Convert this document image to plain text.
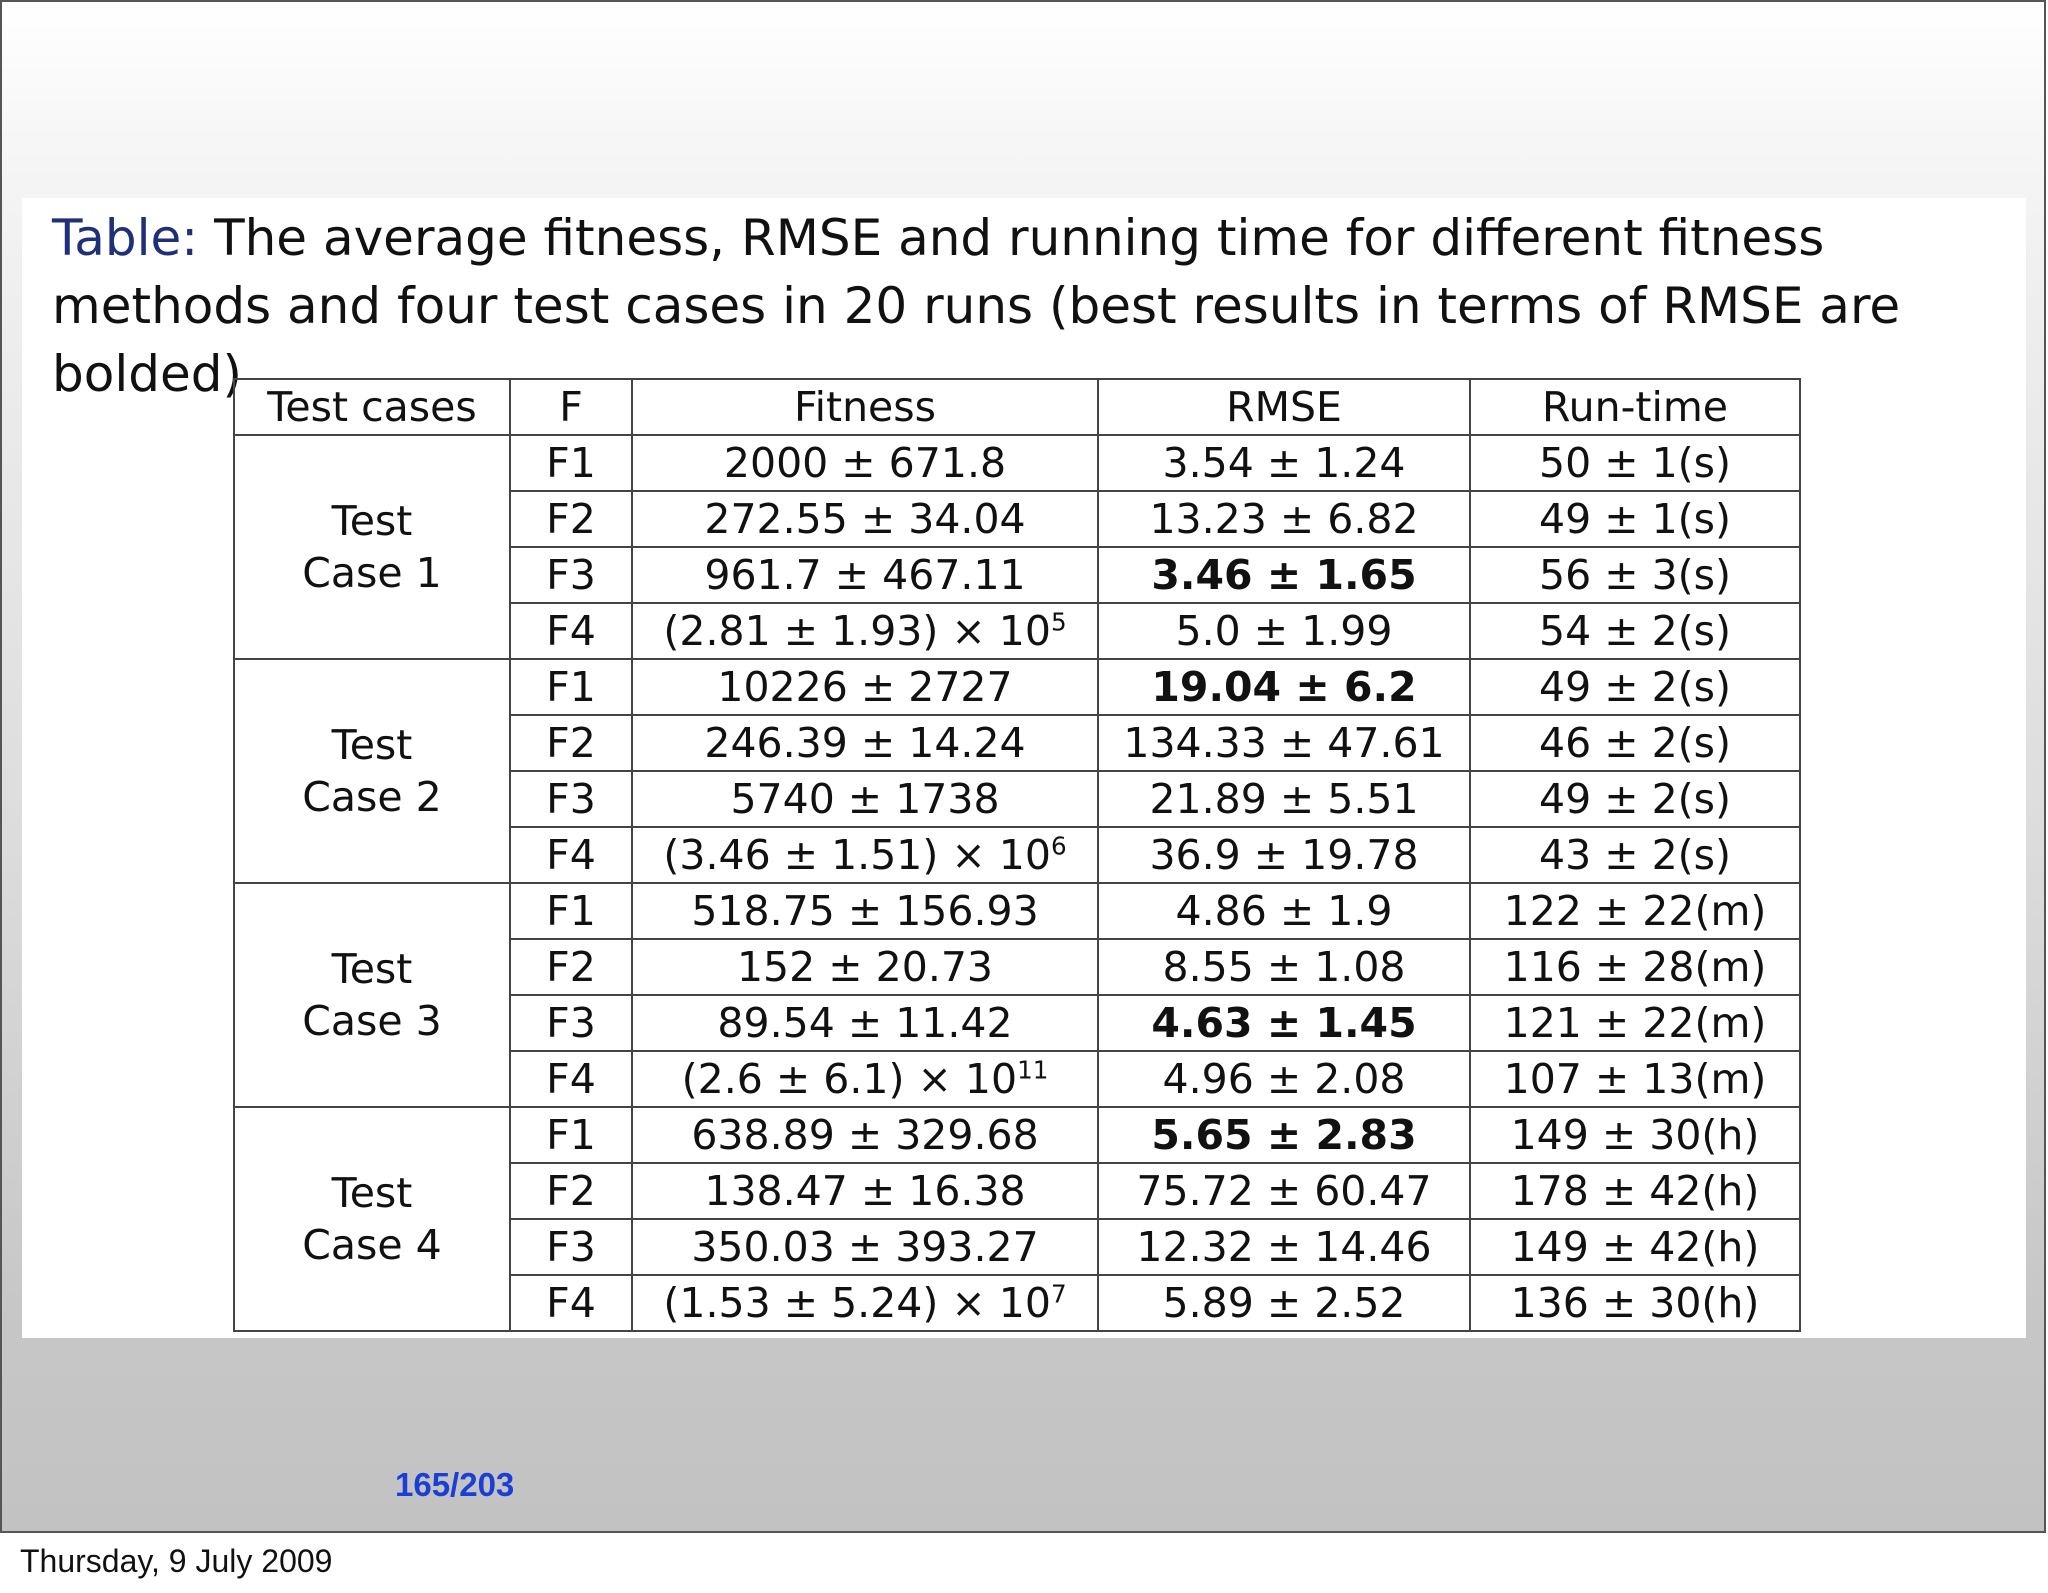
Table: The average fitness, RMSE and running time for different fitness methods and four test cases in 20 runs (best results in terms of RMSE are bolded)

Test cases	F	Fitness	RMSE	Run-time

Test
Case 1	F1	2000 ± 671.8	3.54 ± 1.24	50 ± 1(s)
	F2	272.55 ± 34.04	13.23 ± 6.82	49 ± 1(s)
	F3	961.7 ± 467.11	3.46 ± 1.65	56 ± 3(s)
	F4	$(2.81 \pm 1.93) \times 10^5$	5.0 ± 1.99	54 ± 2(s)

Test
Case 2	F1	10226 ± 2727	19.04 ± 6.2	49 ± 2(s)
	F2	246.39 ± 14.24	134.33 ± 47.61	46 ± 2(s)
	F3	5740 ± 1738	21.89 ± 5.51	49 ± 2(s)
	F4	$(3.46 \pm 1.51) \times 10^6$	36.9 ± 19.78	43 ± 2(s)

Test
Case 3	F1	518.75 ± 156.93	4.86 ± 1.9	122 ± 22(m)
	F2	152 ± 20.73	8.55 ± 1.08	116 ± 28(m)
	F3	89.54 ± 11.42	4.63 ± 1.45	121 ± 22(m)
	F4	$(2.6 \pm 6.1) \times 10^{11}$	4.96 ± 2.08	107 ± 13(m)

Test
Case 4	F1	638.89 ± 329.68	5.65 ± 2.83	149 ± 30(h)
	F2	138.47 ± 16.38	75.72 ± 60.47	178 ± 42(h)
	F3	350.03 ± 393.27	12.32 ± 14.46	149 ± 42(h)
	F4	$(1.53 \pm 5.24) \times 10^7$	5.89 ± 2.52	136 ± 30(h)
165/203
Thursday, 9 July 2009
